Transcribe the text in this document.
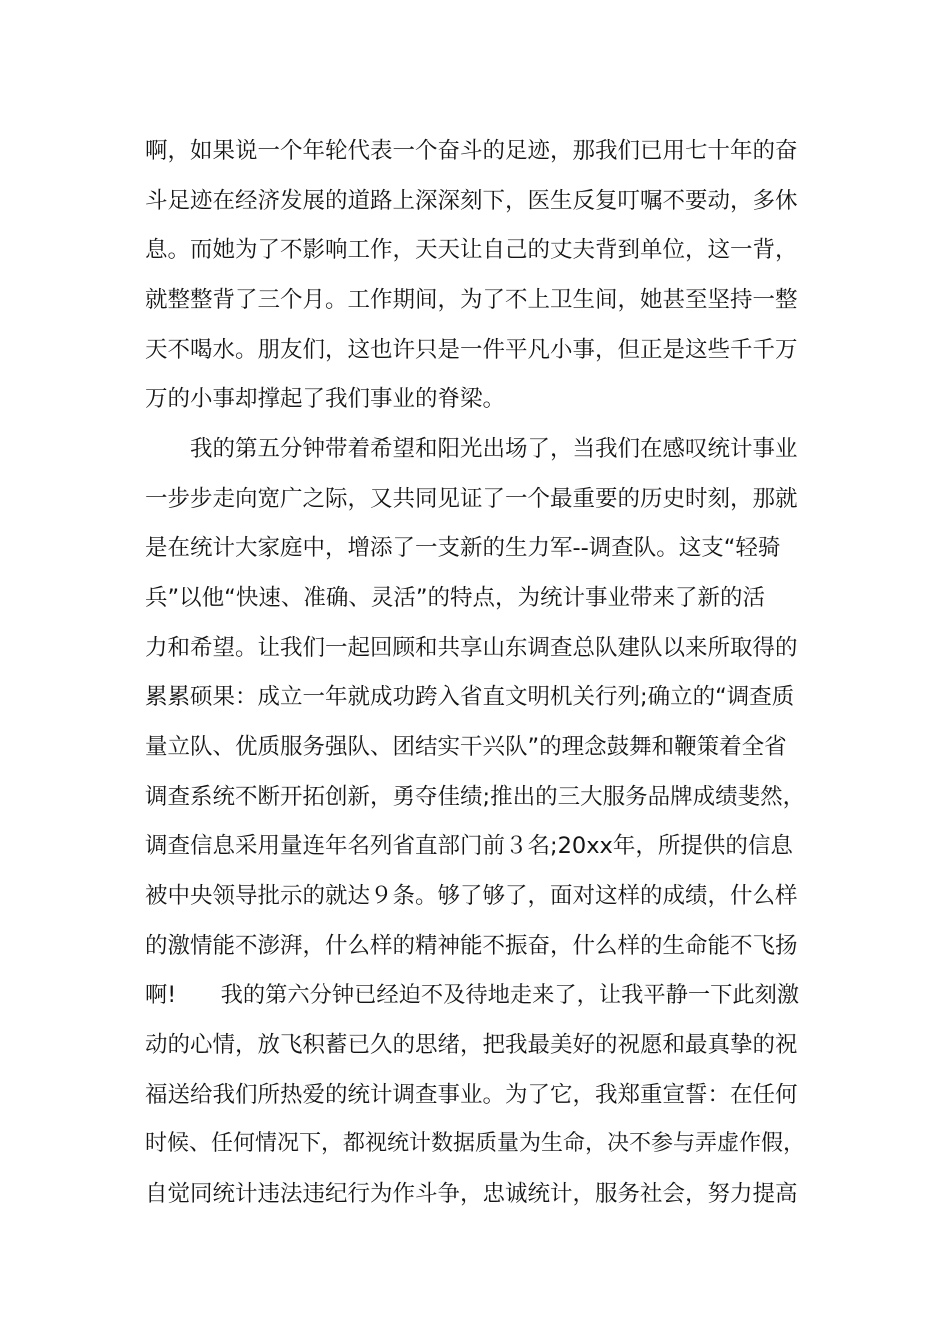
啊，如果说一个年轮代表一个奋斗的足迹，那我们已用七十年的奋
斗足迹在经济发展的道路上深深刻下，医生反复叮嘱不要动，多休
息。而她为了不影响工作，天天让自己的丈夫背到单位，这一背，
就整整背了三个月。工作期间，为了不上卫生间，她甚至坚持一整
天不喝水。朋友们，这也许只是一件平凡小事，但正是这些千千万
万的小事却撑起了我们事业的脊梁。
　　我的第五分钟带着希望和阳光出场了，当我们在感叹统计事业
一步步走向宽广之际，又共同见证了一个最重要的历史时刻，那就
是在统计大家庭中，增添了一支新的生力军--调查队。这支“轻骑
兵”以他“快速、准确、灵活”的特点，为统计事业带来了新的活
力和希望。让我们一起回顾和共享山东调查总队建队以来所取得的
累累硕果：成立一年就成功跨入省直文明机关行列;确立的“调查质
量立队、优质服务强队、团结实干兴队”的理念鼓舞和鞭策着全省
调查系统不断开拓创新，勇夺佳绩;推出的三大服务品牌成绩斐然，
调查信息采用量连年名列省直部门前３名;20xx年，所提供的信息
被中央领导批示的就达９条。够了够了，面对这样的成绩，什么样
的激情能不澎湃，什么样的精神能不振奋，什么样的生命能不飞扬
啊!　　我的第六分钟已经迫不及待地走来了，让我平静一下此刻激
动的心情，放飞积蓄已久的思绪，把我最美好的祝愿和最真挚的祝
福送给我们所热爱的统计调查事业。为了它，我郑重宣誓：在任何
时候、任何情况下，都视统计数据质量为生命，决不参与弄虚作假，
自觉同统计违法违纪行为作斗争，忠诚统计，服务社会，努力提高
